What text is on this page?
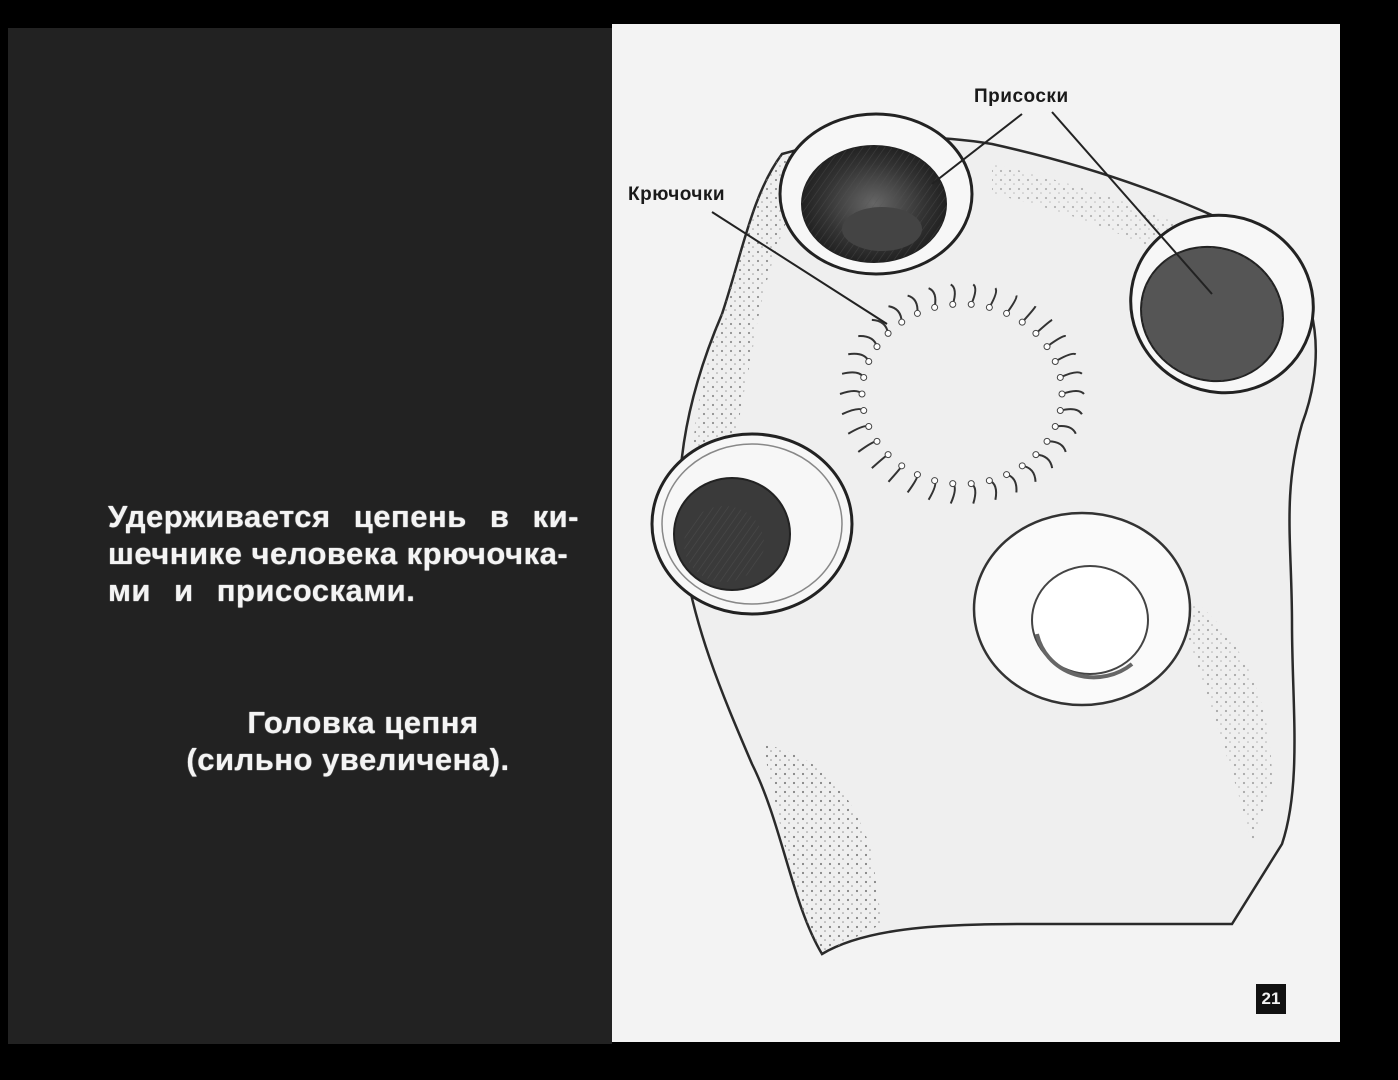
Удерживается цепень в ки-
шечнике человека крючочка-
ми и присосками.
Головка цепня
(сильно увеличена).
Присоски
Крючочки
21
